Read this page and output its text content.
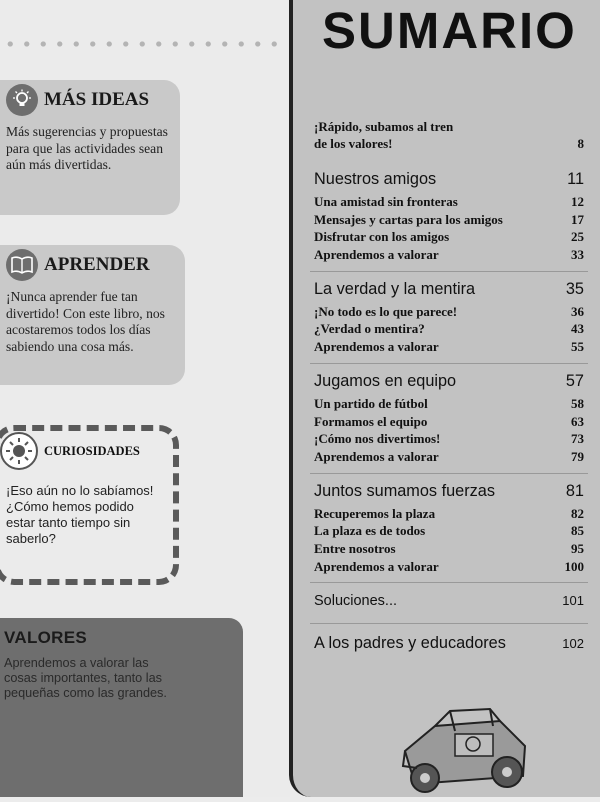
MÁS IDEAS
Más sugerencias y propuestas para que las actividades sean aún más divertidas.
APRENDER
¡Nunca aprender fue tan divertido! Con este libro, nos acostaremos todos los días sabiendo una cosa más.
CURIOSIDADES
¡Eso aún no lo sabíamos! ¿Cómo hemos podido estar tanto tiempo sin saberlo?
VALORES
Aprendemos a valorar las cosas importantes, tanto las pequeñas como las grandes.
SUMARIO
¡Rápido, subamos al tren
de los valores!	8
Nuestros amigos	11
Una amistad sin fronteras	12
Mensajes y cartas para los amigos	17
Disfrutar con los amigos	25
Aprendemos a valorar	33
La verdad y la mentira	35
¡No todo es lo que parece!	36
¿Verdad o mentira?	43
Aprendemos a valorar	55
Jugamos en equipo	57
Un partido de fútbol	58
Formamos el equipo	63
¡Cómo nos divertimos!	73
Aprendemos a valorar	79
Juntos sumamos fuerzas	81
Recuperemos la plaza	82
La plaza es de todos	85
Entre nosotros	95
Aprendemos a valorar	100
Soluciones...	101
A los padres y educadores	102
